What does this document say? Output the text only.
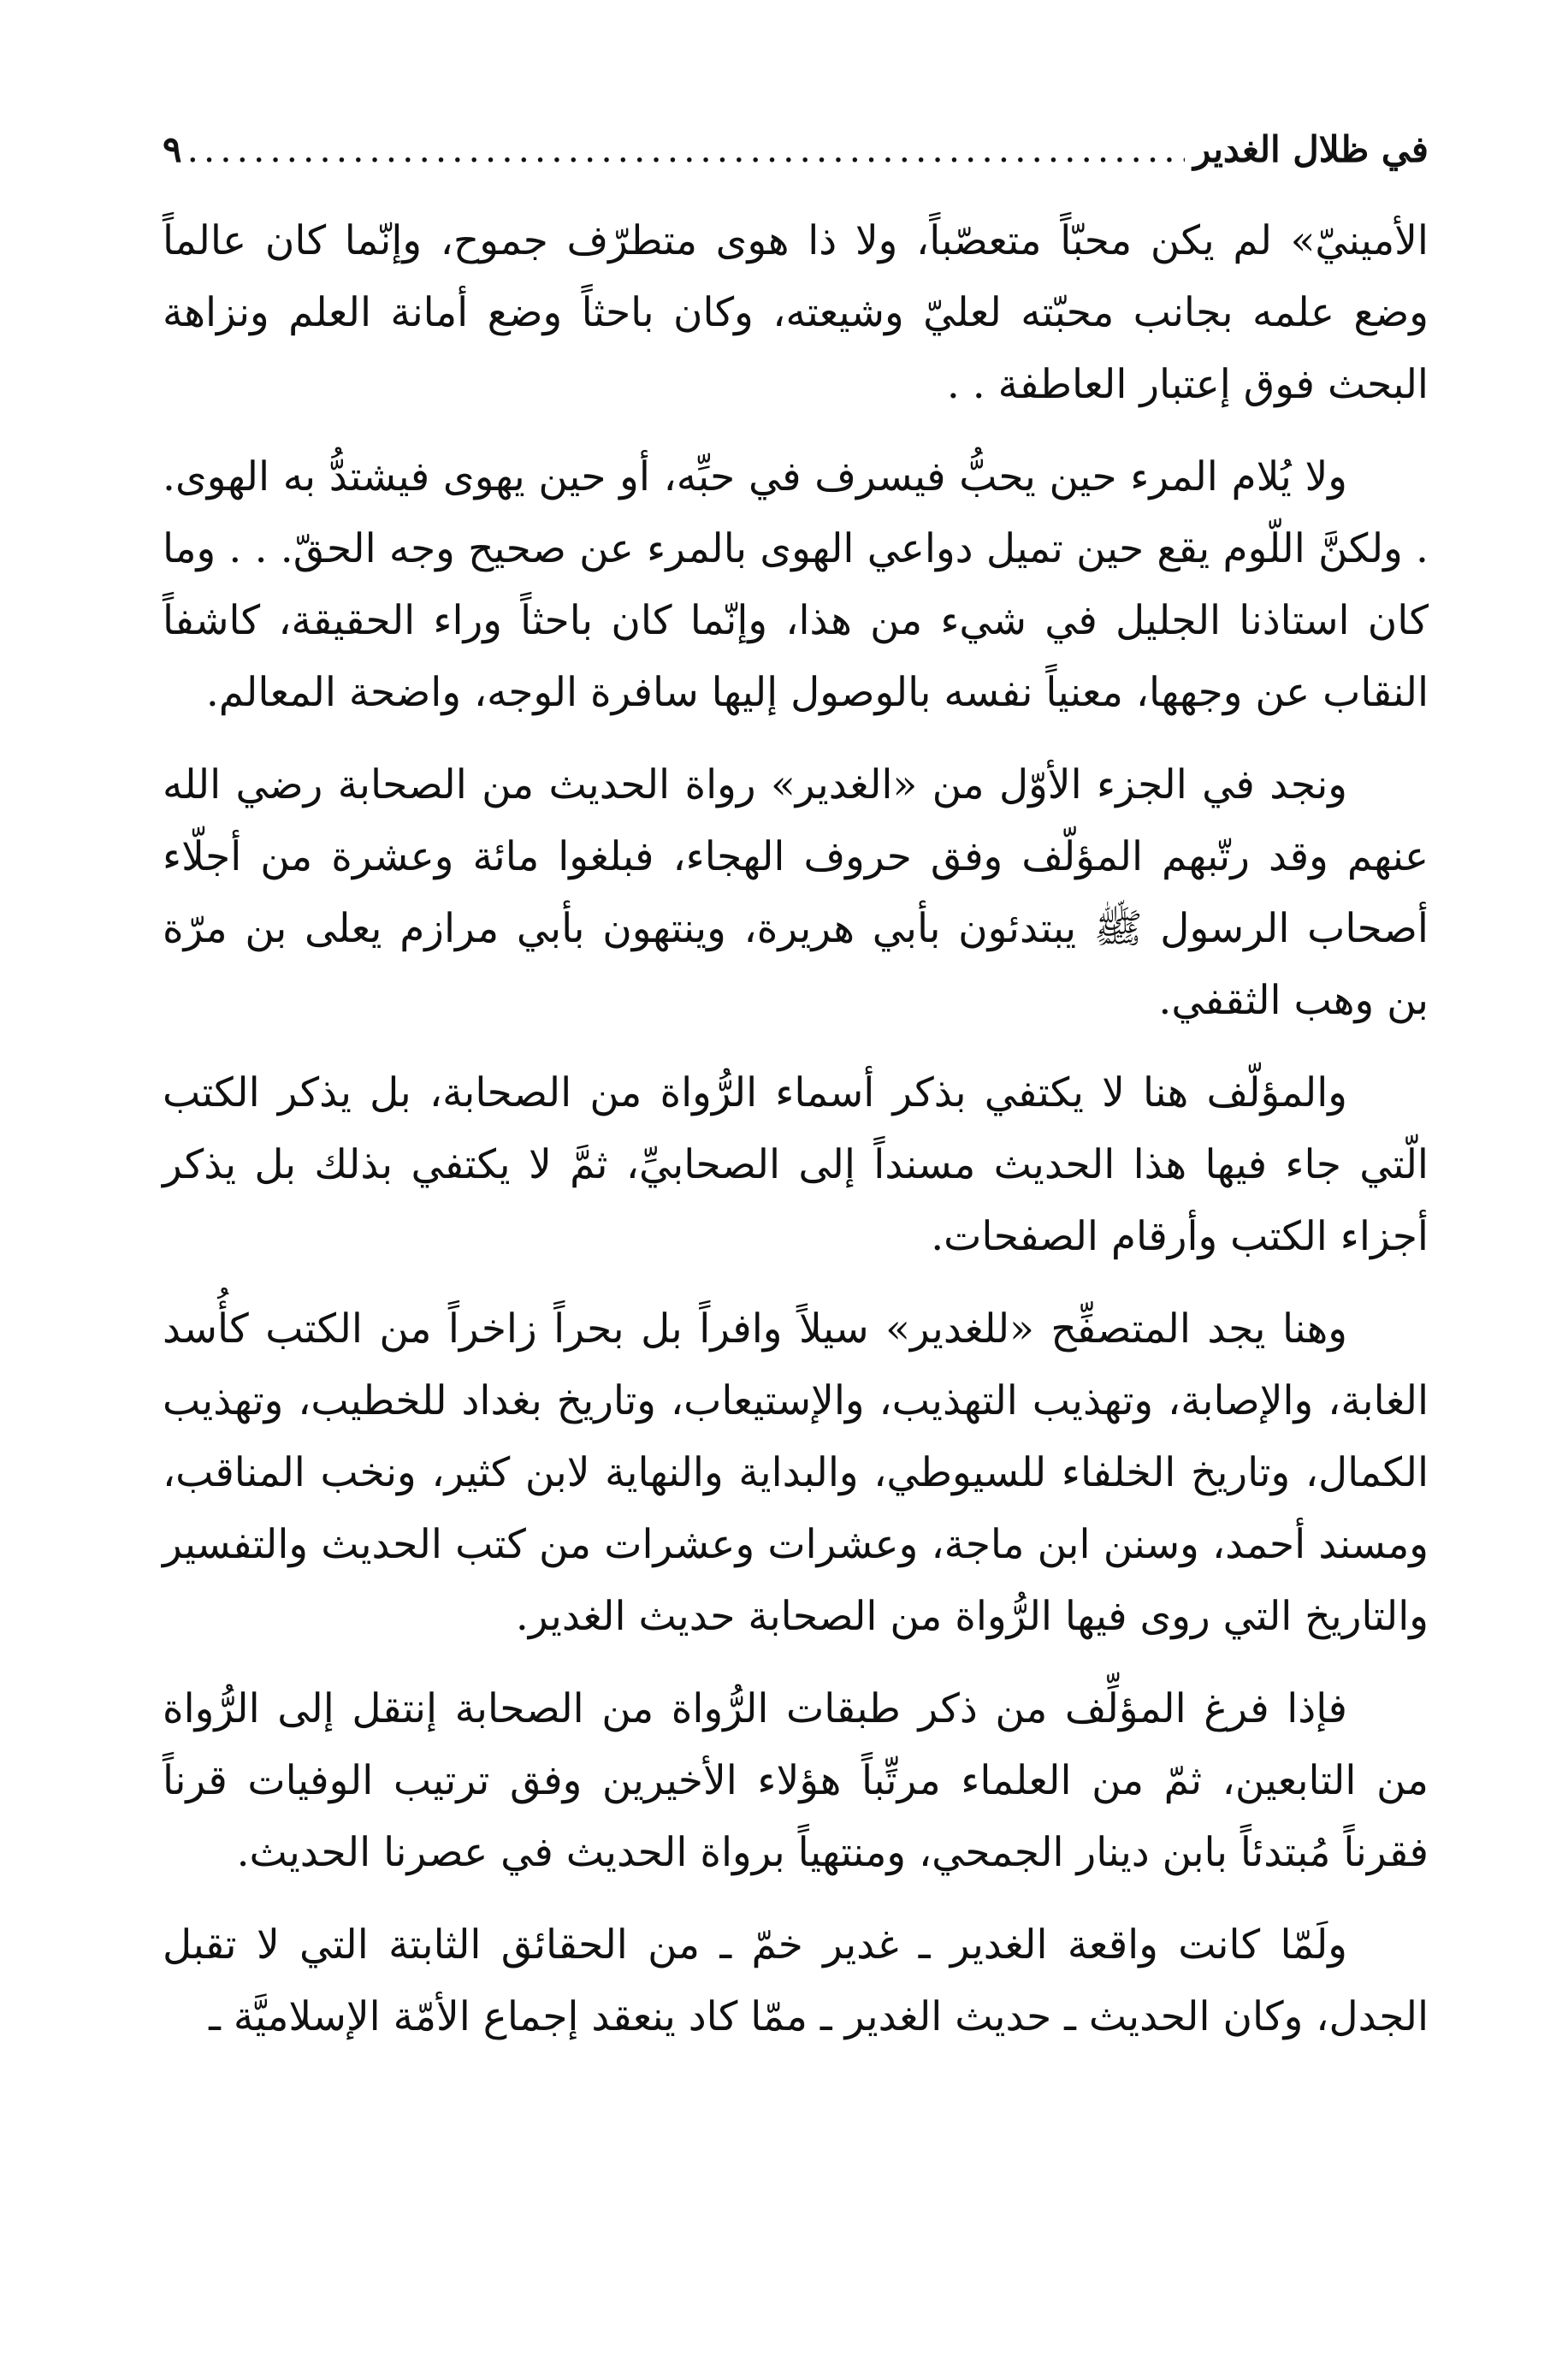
في ظلال الغدير
.....
٩

الأمينيّ» لم يكن محبّاً متعصّباً، ولا ذا هوى متطرّف جموح، وإنّما كان عالماً وضع علمه بجانب محبّته لعليّ وشيعته، وكان باحثاً وضع أمانة العلم ونزاهة البحث فوق إعتبار العاطفة . .

ولا يُلام المرء حين يحبُّ فيسرف في حبِّه، أو حين يهوى فيشتدُّ به الهوى. . ولكنَّ اللّوم يقع حين تميل دواعي الهوى بالمرء عن صحيح وجه الحقّ. . . وما كان استاذنا الجليل في شيء من هذا، وإنّما كان باحثاً وراء الحقيقة، كاشفاً النقاب عن وجهها، معنياً نفسه بالوصول إليها سافرة الوجه، واضحة المعالم.

ونجد في الجزء الأوّل من «الغدير» رواة الحديث من الصحابة رضي الله عنهم وقد رتّبهم المؤلّف وفق حروف الهجاء، فبلغوا مائة وعشرة من أجلّاء أصحاب الرسول ﷺ يبتدئون بأبي هريرة، وينتهون بأبي مرازم يعلى بن مرّة بن وهب الثقفي.

والمؤلّف هنا لا يكتفي بذكر أسماء الرُّواة من الصحابة، بل يذكر الكتب الّتي جاء فيها هذا الحديث مسنداً إلى الصحابيِّ، ثمَّ لا يكتفي بذلك بل يذكر أجزاء الكتب وأرقام الصفحات.

وهنا يجد المتصفِّح «للغدير» سيلاً وافراً بل بحراً زاخراً من الكتب كأُسد الغابة، والإصابة، وتهذيب التهذيب، والإستيعاب، وتاريخ بغداد للخطيب، وتهذيب الكمال، وتاريخ الخلفاء للسيوطي، والبداية والنهاية لابن كثير، ونخب المناقب، ومسند أحمد، وسنن ابن ماجة، وعشرات وعشرات من كتب الحديث والتفسير والتاريخ التي روى فيها الرُّواة من الصحابة حديث الغدير.

فإذا فرغ المؤلِّف من ذكر طبقات الرُّواة من الصحابة إنتقل إلى الرُّواة من التابعين، ثمّ من العلماء مرتِّباً هؤلاء الأخيرين وفق ترتيب الوفيات قرناً فقرناً مُبتدئاً بابن دينار الجمحي، ومنتهياً برواة الحديث في عصرنا الحديث.

ولَمّا كانت واقعة الغدير ـ غدير خمّ ـ من الحقائق الثابتة التي لا تقبل الجدل، وكان الحديث ـ حديث الغدير ـ ممّا كاد ينعقد إجماع الأمّة الإسلاميَّة ـ
